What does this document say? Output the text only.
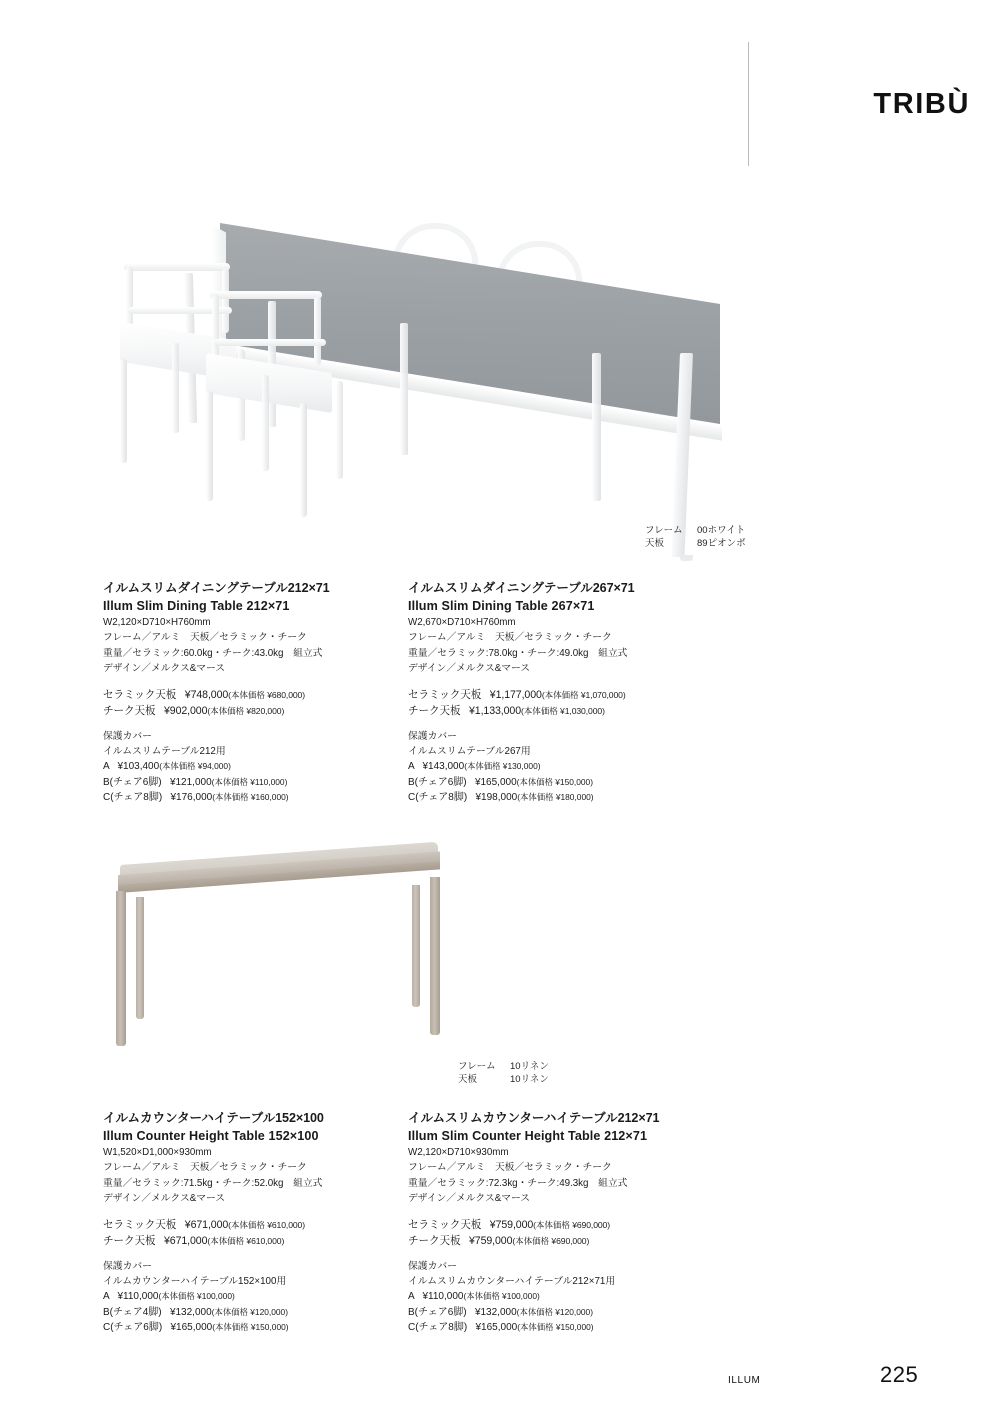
TRIBÙ
フレーム	00ホワイト
天板	89ピオンボ
イルムスリムダイニングテーブル212×71
Illum Slim Dining Table 212×71
W2,120×D710×H760mm
フレーム／アルミ　天板／セラミック・チーク
重量／セラミック:60.0kg・チーク:43.0kg　組立式
デザイン／メルクス&マース
セラミック天板 ¥748,000(本体価格 ¥680,000)
チーク天板 ¥902,000(本体価格 ¥820,000)
保護カバー
イルムスリムテーブル212用
A ¥103,400(本体価格 ¥94,000)
B(チェア6脚) ¥121,000(本体価格 ¥110,000)
C(チェア8脚) ¥176,000(本体価格 ¥160,000)
イルムスリムダイニングテーブル267×71
Illum Slim Dining Table 267×71
W2,670×D710×H760mm
フレーム／アルミ　天板／セラミック・チーク
重量／セラミック:78.0kg・チーク:49.0kg　組立式
デザイン／メルクス&マース
セラミック天板 ¥1,177,000(本体価格 ¥1,070,000)
チーク天板 ¥1,133,000(本体価格 ¥1,030,000)
保護カバー
イルムスリムテーブル267用
A ¥143,000(本体価格 ¥130,000)
B(チェア6脚) ¥165,000(本体価格 ¥150,000)
C(チェア8脚) ¥198,000(本体価格 ¥180,000)
フレーム	10リネン
天板	10リネン
イルムカウンターハイテーブル152×100
Illum Counter Height Table 152×100
W1,520×D1,000×930mm
フレーム／アルミ　天板／セラミック・チーク
重量／セラミック:71.5kg・チーク:52.0kg　組立式
デザイン／メルクス&マース
セラミック天板 ¥671,000(本体価格 ¥610,000)
チーク天板 ¥671,000(本体価格 ¥610,000)
保護カバー
イルムカウンターハイテーブル152×100用
A ¥110,000(本体価格 ¥100,000)
B(チェア4脚) ¥132,000(本体価格 ¥120,000)
C(チェア6脚) ¥165,000(本体価格 ¥150,000)
イルムスリムカウンターハイテーブル212×71
Illum Slim Counter Height Table 212×71
W2,120×D710×930mm
フレーム／アルミ　天板／セラミック・チーク
重量／セラミック:72.3kg・チーク:49.3kg　組立式
デザイン／メルクス&マース
セラミック天板 ¥759,000(本体価格 ¥690,000)
チーク天板 ¥759,000(本体価格 ¥690,000)
保護カバー
イルムスリムカウンターハイテーブル212×71用
A ¥110,000(本体価格 ¥100,000)
B(チェア6脚) ¥132,000(本体価格 ¥120,000)
C(チェア8脚) ¥165,000(本体価格 ¥150,000)
ILLUM	225
